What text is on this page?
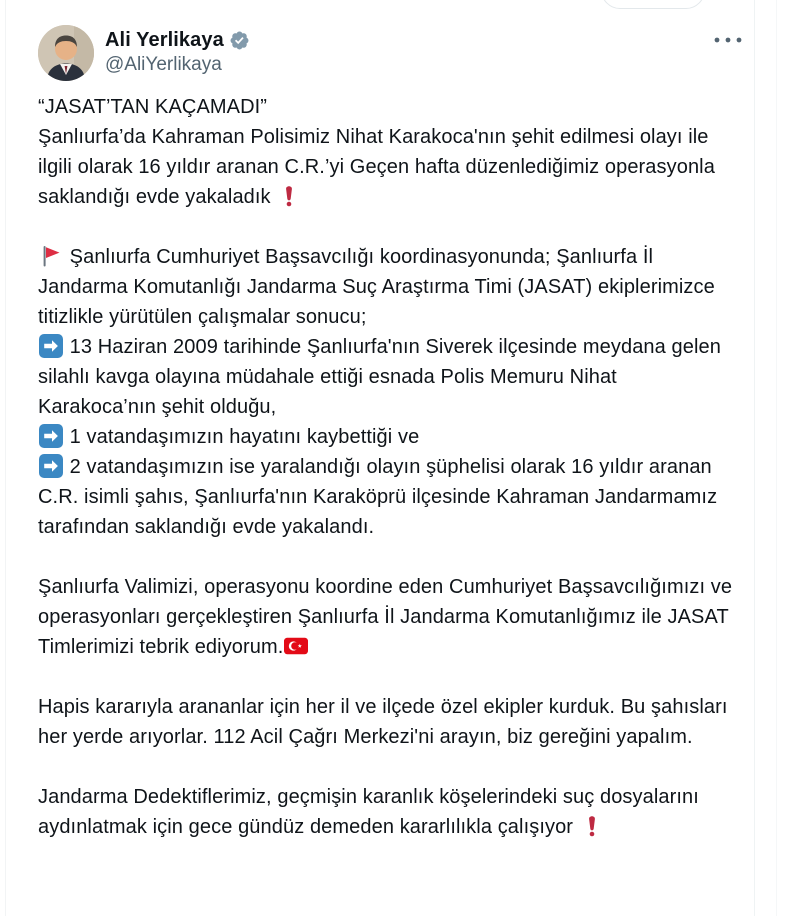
Ali Yerlikaya
@AliYerlikaya
“JASAT’TAN KAÇAMADI”
Şanlıurfa’da Kahraman Polisimiz Nihat Karakoca'nın şehit edilmesi olayı ile ilgili olarak 16 yıldır aranan C.R.’yi Geçen hafta düzenlediğimiz operasyonla saklandığı evde yakaladık
Şanlıurfa Cumhuriyet Başsavcılığı koordinasyonunda; Şanlıurfa İl Jandarma Komutanlığı Jandarma Suç Araştırma Timi (JASAT) ekiplerimizce titizlikle yürütülen çalışmalar sonucu;
13 Haziran 2009 tarihinde Şanlıurfa'nın Siverek ilçesinde meydana gelen silahlı kavga olayına müdahale ettiği esnada Polis Memuru Nihat Karakoca’nın şehit olduğu,
1 vatandaşımızın hayatını kaybettiği ve
2 vatandaşımızın ise yaralandığı olayın şüphelisi olarak 16 yıldır aranan C.R. isimli şahıs, Şanlıurfa'nın Karaköprü ilçesinde Kahraman Jandarmamız tarafından saklandığı evde yakalandı.
Şanlıurfa Valimizi, operasyonu koordine eden Cumhuriyet Başsavcılığımızı ve operasyonları gerçekleştiren Şanlıurfa İl Jandarma Komutanlığımız ile JASAT Timlerimizi tebrik ediyorum.
Hapis kararıyla arananlar için her il ve ilçede özel ekipler kurduk. Bu şahısları her yerde arıyorlar. 112 Acil Çağrı Merkezi'ni arayın, biz gereğini yapalım.
Jandarma Dedektiflerimiz, geçmişin karanlık köşelerindeki suç dosyalarını aydınlatmak için gece gündüz demeden kararlılıkla çalışıyor
